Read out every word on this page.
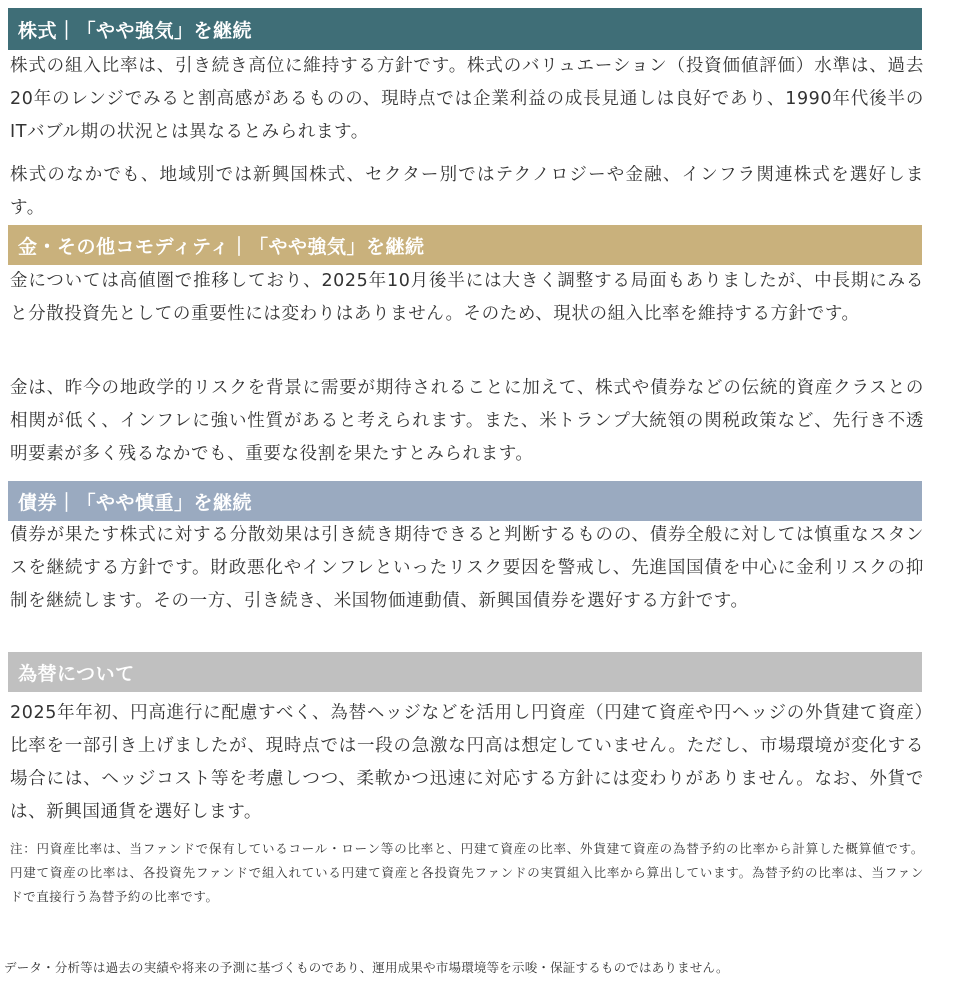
株式｜「やや強気」を継続

株式の組入比率は、引き続き高位に維持する方針です。株式のバリュエーション（投資価値評価）水準は、過去20年のレンジでみると割高感があるものの、現時点では企業利益の成長見通しは良好であり、1990年代後半のITバブル期の状況とは異なるとみられます。

株式のなかでも、地域別では新興国株式、セクター別ではテクノロジーや金融、インフラ関連株式を選好します。

金・その他コモディティ｜「やや強気」を継続

金については高値圏で推移しており、2025年10月後半には大きく調整する局面もありましたが、中長期にみると分散投資先としての重要性には変わりはありません。そのため、現状の組入比率を維持する方針です。

金は、昨今の地政学的リスクを背景に需要が期待されることに加えて、株式や債券などの伝統的資産クラスとの相関が低く、インフレに強い性質があると考えられます。また、米トランプ大統領の関税政策など、先行き不透明要素が多く残るなかでも、重要な役割を果たすとみられます。

債券｜「やや慎重」を継続

債券が果たす株式に対する分散効果は引き続き期待できると判断するものの、債券全般に対しては慎重なスタンスを継続する方針です。財政悪化やインフレといったリスク要因を警戒し、先進国国債を中心に金利リスクの抑制を継続します。その一方、引き続き、米国物価連動債、新興国債券を選好する方針です。

為替について

2025年年初、円高進行に配慮すべく、為替ヘッジなどを活用し円資産（円建て資産や円ヘッジの外貨建て資産）比率を一部引き上げましたが、現時点では一段の急激な円高は想定していません。ただし、市場環境が変化する場合には、ヘッジコスト等を考慮しつつ、柔軟かつ迅速に対応する方針には変わりがありません。なお、外貨では、新興国通貨を選好します。

注：円資産比率は、当ファンドで保有しているコール・ローン等の比率と、円建て資産の比率、外貨建て資産の為替予約の比率から計算した概算値です。円建て資産の比率は、各投資先ファンドで組入れている円建て資産と各投資先ファンドの実質組入比率から算出しています。為替予約の比率は、当ファンドで直接行う為替予約の比率です。

データ・分析等は過去の実績や将来の予測に基づくものであり、運用成果や市場環境等を示唆・保証するものではありません。
